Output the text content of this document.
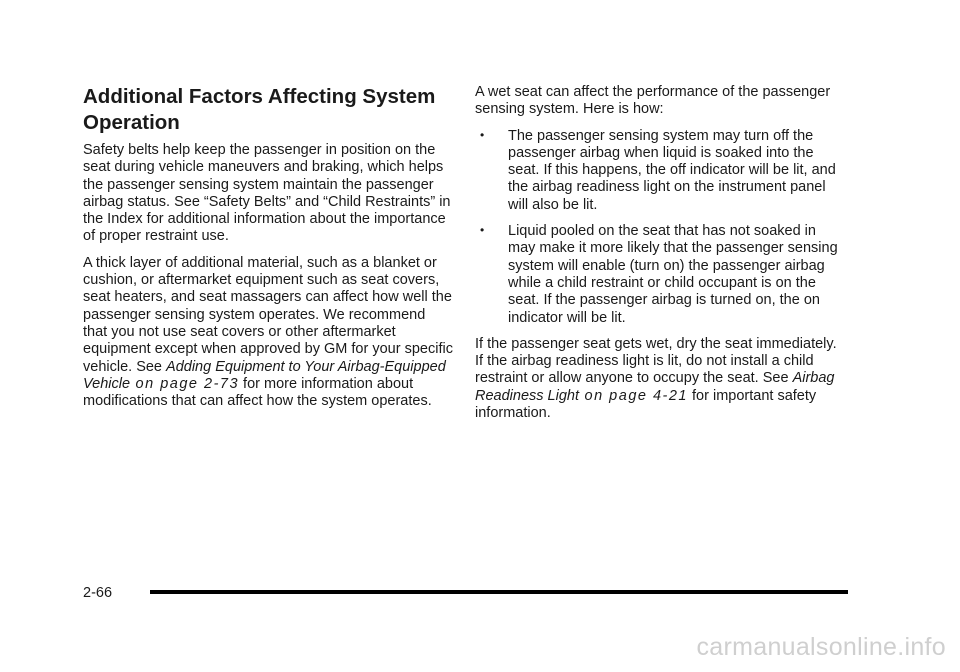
Additional Factors Affecting System Operation

Safety belts help keep the passenger in position on the seat during vehicle maneuvers and braking, which helps the passenger sensing system maintain the passenger airbag status. See “Safety Belts” and “Child Restraints” in the Index for additional information about the importance of proper restraint use.

A thick layer of additional material, such as a blanket or cushion, or aftermarket equipment such as seat covers, seat heaters, and seat massagers can affect how well the passenger sensing system operates. We recommend that you not use seat covers or other aftermarket equipment except when approved by GM for your specific vehicle. See Adding Equipment to Your Airbag-Equipped Vehicle on page 2-73 for more information about modifications that can affect how the system operates.

A wet seat can affect the performance of the passenger sensing system. Here is how:

• The passenger sensing system may turn off the passenger airbag when liquid is soaked into the seat. If this happens, the off indicator will be lit, and the airbag readiness light on the instrument panel will also be lit.
• Liquid pooled on the seat that has not soaked in may make it more likely that the passenger sensing system will enable (turn on) the passenger airbag while a child restraint or child occupant is on the seat. If the passenger airbag is turned on, the on indicator will be lit.

If the passenger seat gets wet, dry the seat immediately. If the airbag readiness light is lit, do not install a child restraint or allow anyone to occupy the seat. See Airbag Readiness Light on page 4-21 for important safety information.

2-66
carmanualsonline.info
